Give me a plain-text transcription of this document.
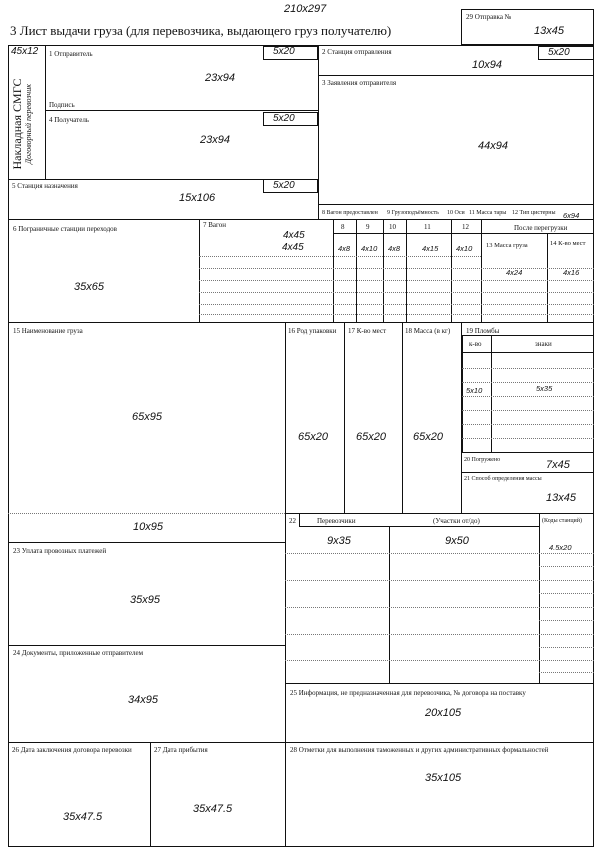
210x297
3 Лист выдачи груза (для перевозчика, выдающего груз получателю)
29 Отправка №
13x45
45x12
Накладная СМГС Договорный перевозчик
1 Отправитель	5x20
23x94
Подпись
4 Получатель	5x20
23x94
2 Станция отправления	5x20
10x94
3 Заявления отправителя
44x94
5 Станция назначения	5x20
15x106
6 Пограничные станции переходов
35x65
7 Вагон
4x45
4x45
8 Вагон предоставлен 9 Грузоподъёмность 10 Оси 11 Масса тары 12 Тип цистерны 6x94
8	9	10	11	12
4x8 4x10 4x8	4x15 4x10
После перегрузки
13 Масса груза	14 К-во мест
4x24	4x16
15 Наименование груза
65x95
10x95
16 Род упаковки
65x20
17 К-во мест
65x20
18 Масса (в кг)
65x20
19 Пломбы
к-во	знаки
5x10	5x35
20 Погружено	7x45
21 Способ определения массы
13x45
22	Перевозчики	(Участки от/до)	(Коды станций)
9x35	9x50
4.5x20
23 Уплата провозных платежей
35x95
24 Документы, приложенные отправителем
34x95
25 Информация, не предназначенная для перевозчика, № договора на поставку
20x105
26 Дата заключения договора перевозки
35x47.5
27 Дата прибытия
35x47.5
28 Отметки для выполнения таможенных и других административных формальностей
35x105
